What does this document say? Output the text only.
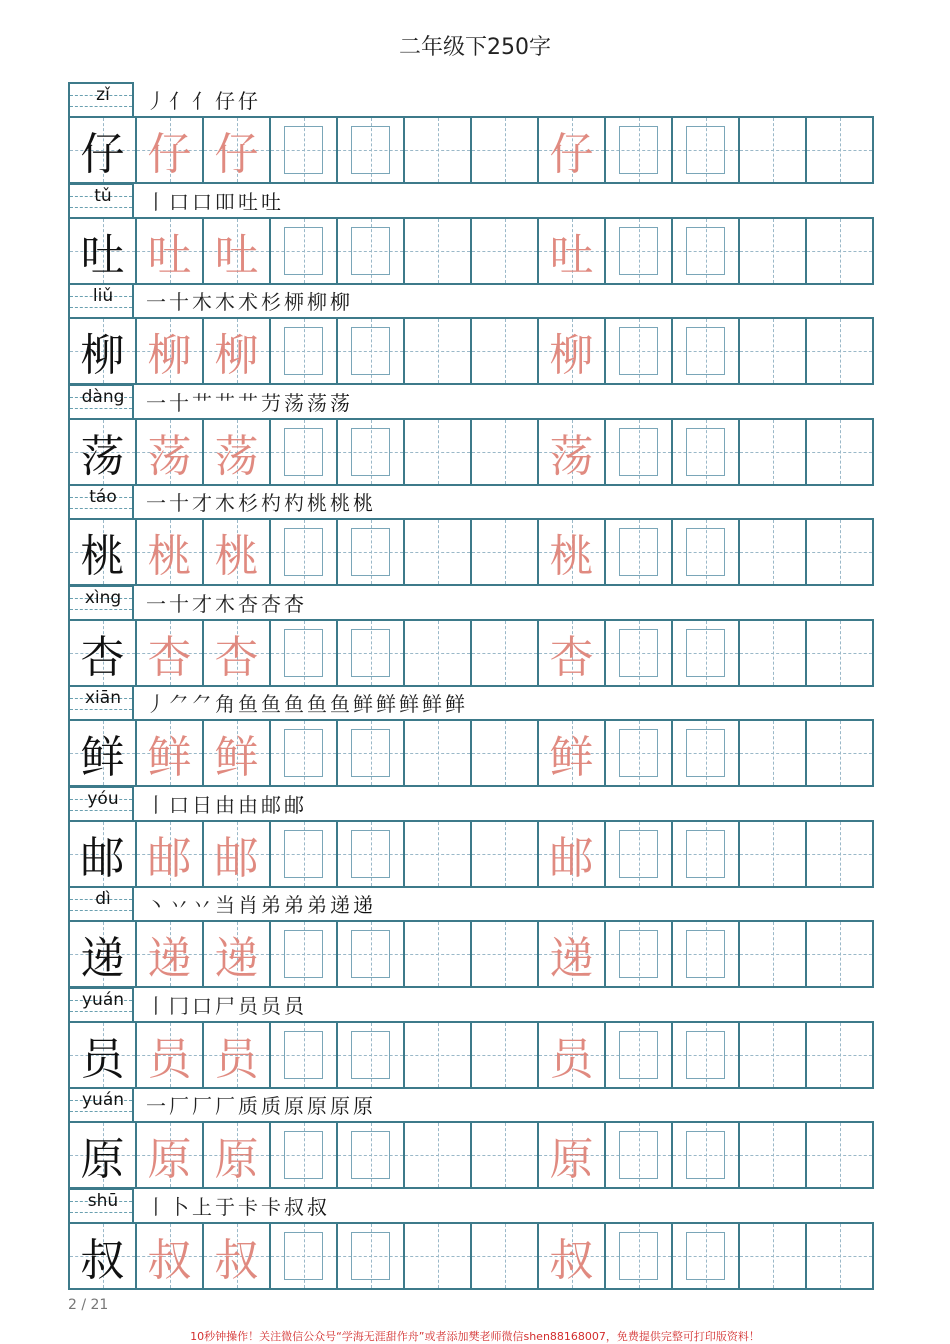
二年级下250字
zǐ	丿 亻 亻 仔 仔
仔 仔 仔	仔
tǔ	丨 口 口 吅 吐 吐
吐 吐 吐	吐
liǔ	一 十 木 木 术 杉 桺 柳 柳
柳 柳 柳	柳
dàng	一 十 艹 艹 艹 芀 荡 荡 荡
荡 荡 荡	荡
táo	一 十 才 木 杉 杓 杓 桃 桃 桃
桃 桃 桃	桃
xìng	一 十 才 木 杏 杏 杏
杏 杏 杏	杏
xiān	丿 ⺈ ⺈ 角 鱼 鱼 鱼 鱼 鱼 鲜 鲜 鲜 鲜 鲜
鲜 鲜 鲜	鲜
yóu	丨 口 日 由 由 邮 邮
邮 邮 邮	邮
dì	丶 丷 丷 当 肖 弟 弟 弟 递 递
递 递 递	递
yuán	丨 冂 口 尸 员 员 员
员 员 员	员
yuán	一 厂 厂 厂 质 质 原 原 原 原
原 原 原	原
shū	丨 卜 上 于 卡 卡 叔 叔
叔 叔 叔	叔
2 / 21
10秒钟操作！关注微信公众号“学海无涯甜作舟”或者添加樊老师微信shen88168007，免费提供完整可打印版资料！
